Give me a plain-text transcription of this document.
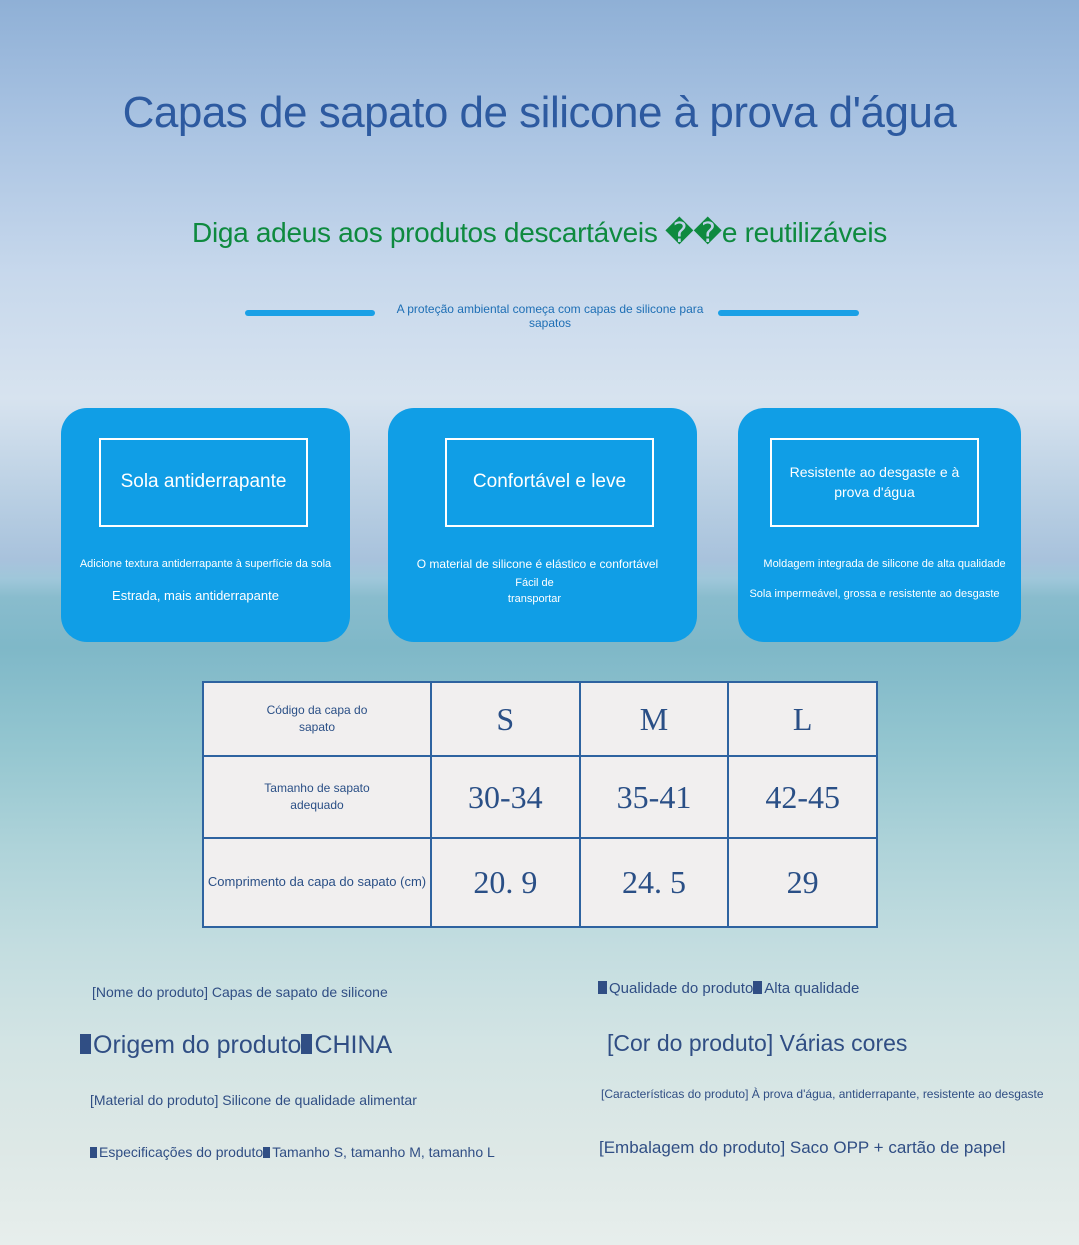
Capas de sapato de silicone à prova d'água
Diga adeus aos produtos descartáveis ��e reutilizáveis
A proteção ambiental começa com capas de silicone para sapatos
Sola antiderrapante
Adicione textura antiderrapante à superfície da sola
Estrada, mais antiderrapante
Confortável e leve
O material de silicone é elástico e confortável
Fácil de
transportar
Resistente ao desgaste e à
prova d'água
Moldagem integrada de silicone de alta qualidade
Sola impermeável, grossa e resistente ao desgaste
Código da capa do
sapato	S	M	L

Tamanho de sapato
adequado	30-34	35-41	42-45

Comprimento da capa do sapato (cm)	20. 9	24. 5	29
[Nome do produto] Capas de sapato de silicone	Qualidade do produto Alta qualidade
Origem do produto CHINA	[Cor do produto] Várias cores
[Material do produto] Silicone de qualidade alimentar	[Características do produto] À prova d'água, antiderrapante, resistente ao desgaste
Especificações do produto Tamanho S, tamanho M, tamanho L	[Embalagem do produto] Saco OPP + cartão de papel
